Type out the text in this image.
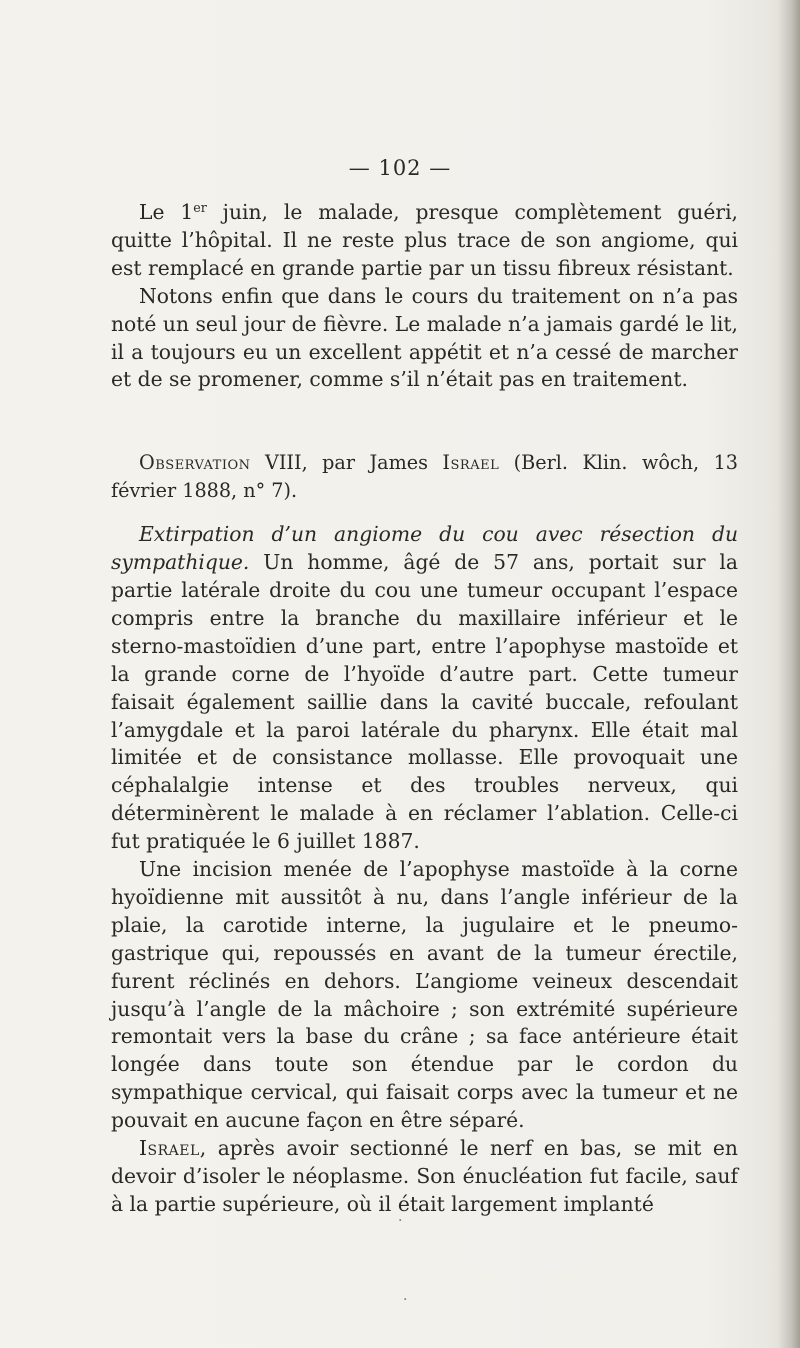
— 102 —

Le 1er juin, le malade, presque complètement guéri, quitte l’hôpital. Il ne reste plus trace de son angiome, qui est remplacé en grande partie par un tissu fibreux résistant.

Notons enfin que dans le cours du traitement on n’a pas noté un seul jour de fièvre. Le malade n’a jamais gardé le lit, il a toujours eu un excellent appétit et n’a cessé de marcher et de se promener, comme s’il n’était pas en traitement.

Observation VIII, par James Israel (Berl. Klin. wôch, 13 février 1888, n° 7).

Extirpation d’un angiome du cou avec résection du sympathique. Un homme, âgé de 57 ans, portait sur la partie latérale droite du cou une tumeur occupant l’espace compris entre la branche du maxillaire inférieur et le sterno-mastoïdien d’une part, entre l’apophyse mastoïde et la grande corne de l’hyoïde d’autre part. Cette tumeur faisait également saillie dans la cavité buccale, refoulant l’amygdale et la paroi latérale du pharynx. Elle était mal limitée et de consistance mollasse. Elle provoquait une céphalalgie intense et des troubles nerveux, qui déterminèrent le malade à en réclamer l’ablation. Celle-ci fut pratiquée le 6 juillet 1887.

Une incision menée de l’apophyse mastoïde à la corne hyoïdienne mit aussitôt à nu, dans l’angle inférieur de la plaie, la carotide interne, la jugulaire et le pneumo-gastrique qui, repoussés en avant de la tumeur érectile, furent réclinés en dehors. L’angiome veineux descendait jusqu’à l’angle de la mâchoire ; son extrémité supérieure remontait vers la base du crâne ; sa face antérieure était longée dans toute son étendue par le cordon du sympathique cervical, qui faisait corps avec la tumeur et ne pouvait en aucune façon en être séparé.

Israel, après avoir sectionné le nerf en bas, se mit en devoir d’isoler le néoplasme. Son énucléation fut facile, sauf à la partie supérieure, où il était largement implanté

·
·
